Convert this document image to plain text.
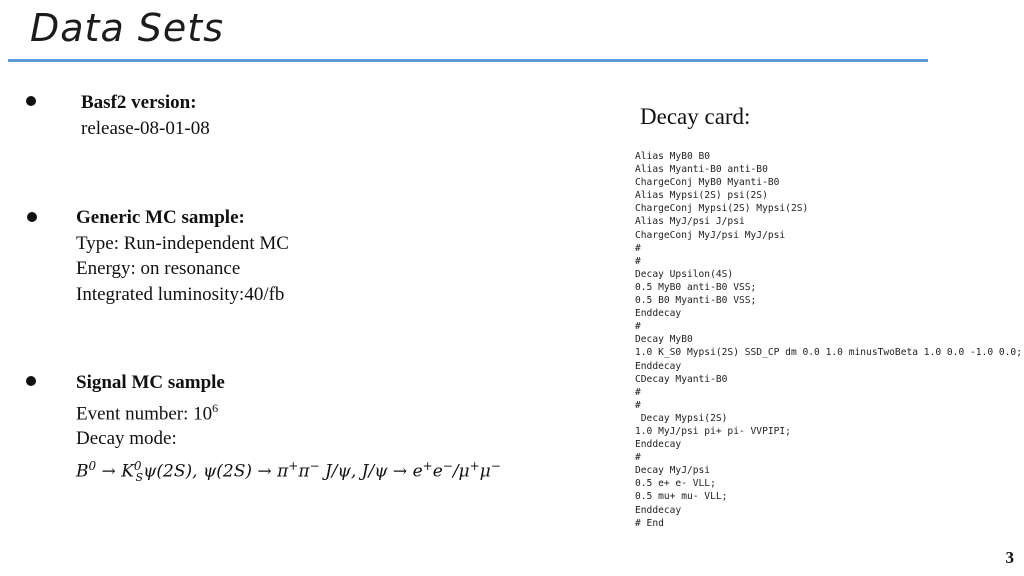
Data Sets
Basf2 version:
release-08-01-08
Generic MC sample:
Type: Run-independent MC
Energy: on resonance
Integrated luminosity:40/fb
Signal MC sample
Event number: $10^6$
Decay mode:
$B^0 \to K^0_S\psi(2S)$, ψ(2S) → π+π− J/ψ, J/ψ → e+e−/μ+μ−
Decay card:
Alias MyB0 B0
Alias Myanti-B0 anti-B0
ChargeConj MyB0 Myanti-B0
Alias Mypsi(2S) psi(2S)
ChargeConj Mypsi(2S) Mypsi(2S)
Alias MyJ/psi J/psi
ChargeConj MyJ/psi MyJ/psi
#
#
Decay Upsilon(4S)
0.5 MyB0 anti-B0 VSS;
0.5 B0 Myanti-B0 VSS;
Enddecay
#
Decay MyB0
1.0 K_S0 Mypsi(2S) SSD_CP dm 0.0 1.0 minusTwoBeta 1.0 0.0 -1.0 0.0;
Enddecay
CDecay Myanti-B0
#
#
Decay Mypsi(2S)
1.0 MyJ/psi pi+ pi- VVPIPI;
Enddecay
#
Decay MyJ/psi
0.5 e+ e- VLL;
0.5 mu+ mu- VLL;
Enddecay
# End
3
